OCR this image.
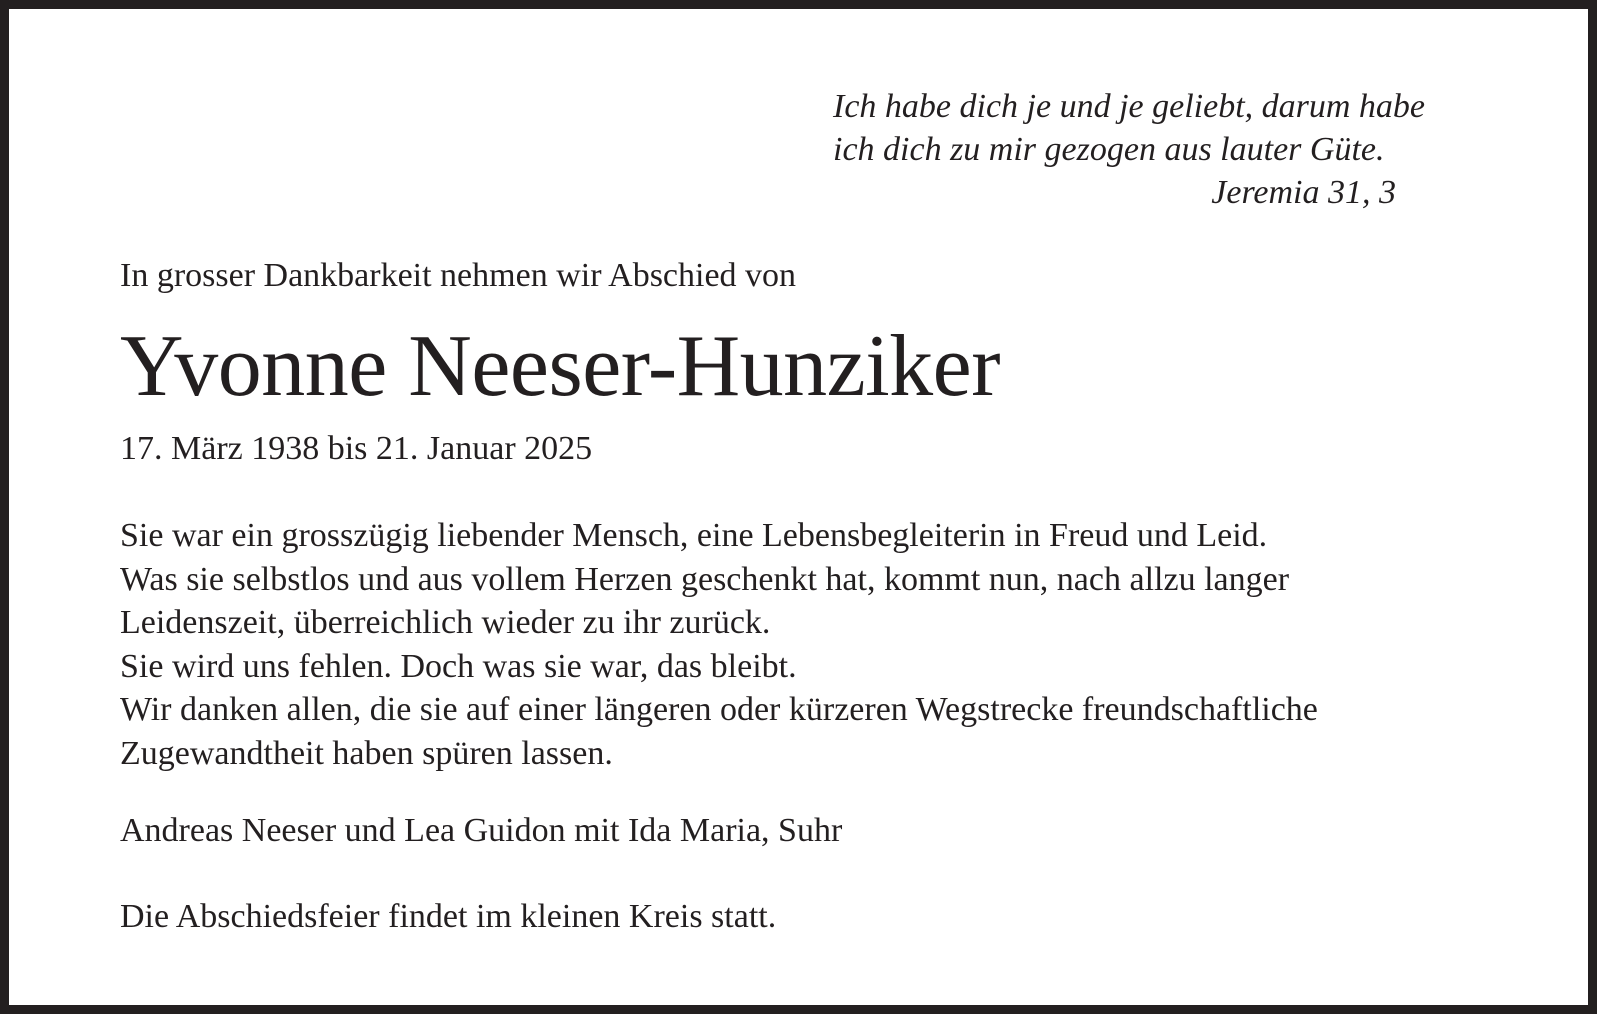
Ich habe dich je und je geliebt, darum habe
ich dich zu mir gezogen aus lauter Güte.
Jeremia 31, 3
In grosser Dankbarkeit nehmen wir Abschied von
Yvonne Neeser-Hunziker
17. März 1938 bis 21. Januar 2025
Sie war ein grosszügig liebender Mensch, eine Lebensbegleiterin in Freud und Leid.
Was sie selbstlos und aus vollem Herzen geschenkt hat, kommt nun, nach allzu langer
Leidenszeit, überreichlich wieder zu ihr zurück.
Sie wird uns fehlen. Doch was sie war, das bleibt.
Wir danken allen, die sie auf einer längeren oder kürzeren Wegstrecke freundschaftliche
Zugewandtheit haben spüren lassen.
Andreas Neeser und Lea Guidon mit Ida Maria, Suhr
Die Abschiedsfeier findet im kleinen Kreis statt.
